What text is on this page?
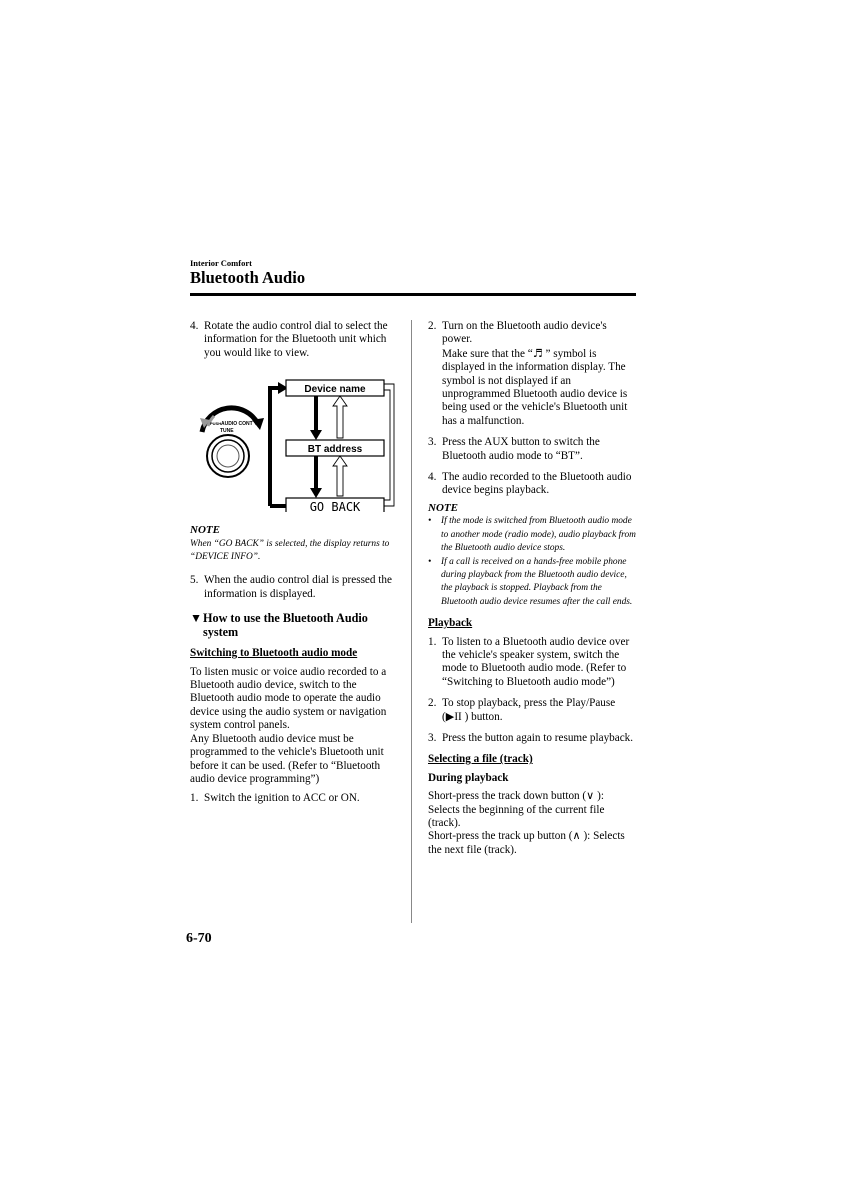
Interior Comfort
Bluetooth Audio
4. Rotate the audio control dial to select the information for the Bluetooth unit which you would like to view.
PUSH AUDIO CONT
TUNE
Device name
BT address
GO BACK
NOTE
When “GO BACK” is selected, the display returns to “DEVICE INFO”.
5. When the audio control dial is pressed the information is displayed.
▼ How to use the Bluetooth Audio system
Switching to Bluetooth audio mode
To listen music or voice audio recorded to a Bluetooth audio device, switch to the Bluetooth audio mode to operate the audio device using the audio system or navigation system control panels.
Any Bluetooth audio device must be programmed to the vehicle's Bluetooth unit before it can be used. (Refer to “Bluetooth audio device programming”)
1. Switch the ignition to ACC or ON.
2. Turn on the Bluetooth audio device's power.
Make sure that the “♬ ” symbol is displayed in the information display. The symbol is not displayed if an unprogrammed Bluetooth audio device is being used or the vehicle's Bluetooth unit has a malfunction.
3. Press the AUX button to switch the Bluetooth audio mode to “BT”.
4. The audio recorded to the Bluetooth audio device begins playback.
NOTE
•	If the mode is switched from Bluetooth audio mode to another mode (radio mode), audio playback from the Bluetooth audio device stops.
•	If a call is received on a hands-free mobile phone during playback from the Bluetooth audio device, the playback is stopped. Playback from the Bluetooth audio device resumes after the call ends.
Playback
1. To listen to a Bluetooth audio device over the vehicle's speaker system, switch the mode to Bluetooth audio mode. (Refer to “Switching to Bluetooth audio mode”)
2. To stop playback, press the Play/Pause (▶II ) button.
3. Press the button again to resume playback.
Selecting a file (track)
During playback
Short-press the track down button (∨ ): Selects the beginning of the current file (track).
Short-press the track up button (∧ ): Selects the next file (track).
6-70
